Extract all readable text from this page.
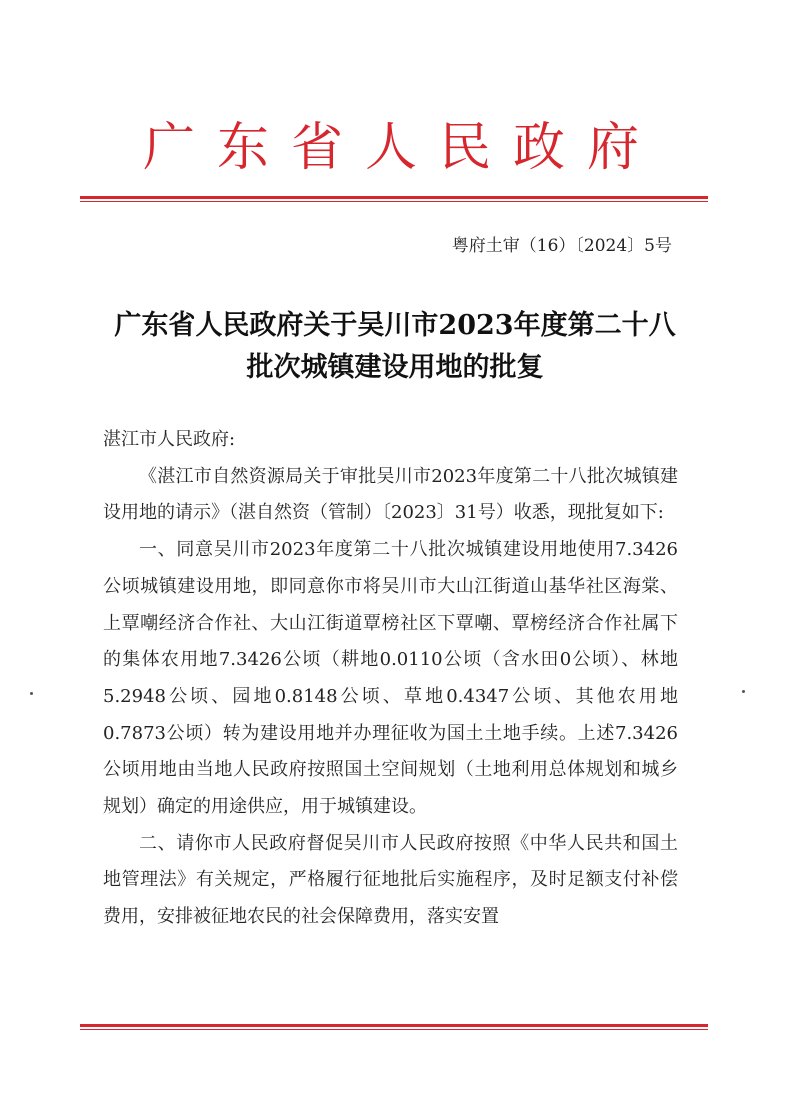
广东省人民政府
粤府土审（16）〔2024〕5号
广东省人民政府关于吴川市2023年度第二十八
批次城镇建设用地的批复

湛江市人民政府:

《湛江市自然资源局关于审批吴川市2023年度第二十八批次城镇建设用地的请示》（湛自然资（管制）〔2023〕31号）收悉，现批复如下:

一、同意吴川市2023年度第二十八批次城镇建设用地使用7.3426公顷城镇建设用地，即同意你市将吴川市大山江街道山基华社区海棠、上覃嘲经济合作社、大山江街道覃榜社区下覃嘲、覃榜经济合作社属下的集体农用地7.3426公顷（耕地0.0110公顷（含水田0公顷）、林地5.2948公顷、园地0.8148公顷、草地0.4347公顷、其他农用地0.7873公顷）转为建设用地并办理征收为国土土地手续。上述7.3426公顷用地由当地人民政府按照国土空间规划（土地利用总体规划和城乡规划）确定的用途供应，用于城镇建设。

二、请你市人民政府督促吴川市人民政府按照《中华人民共和国土地管理法》有关规定，严格履行征地批后实施程序，及时足额支付补偿费用，安排被征地农民的社会保障费用，落实安置
